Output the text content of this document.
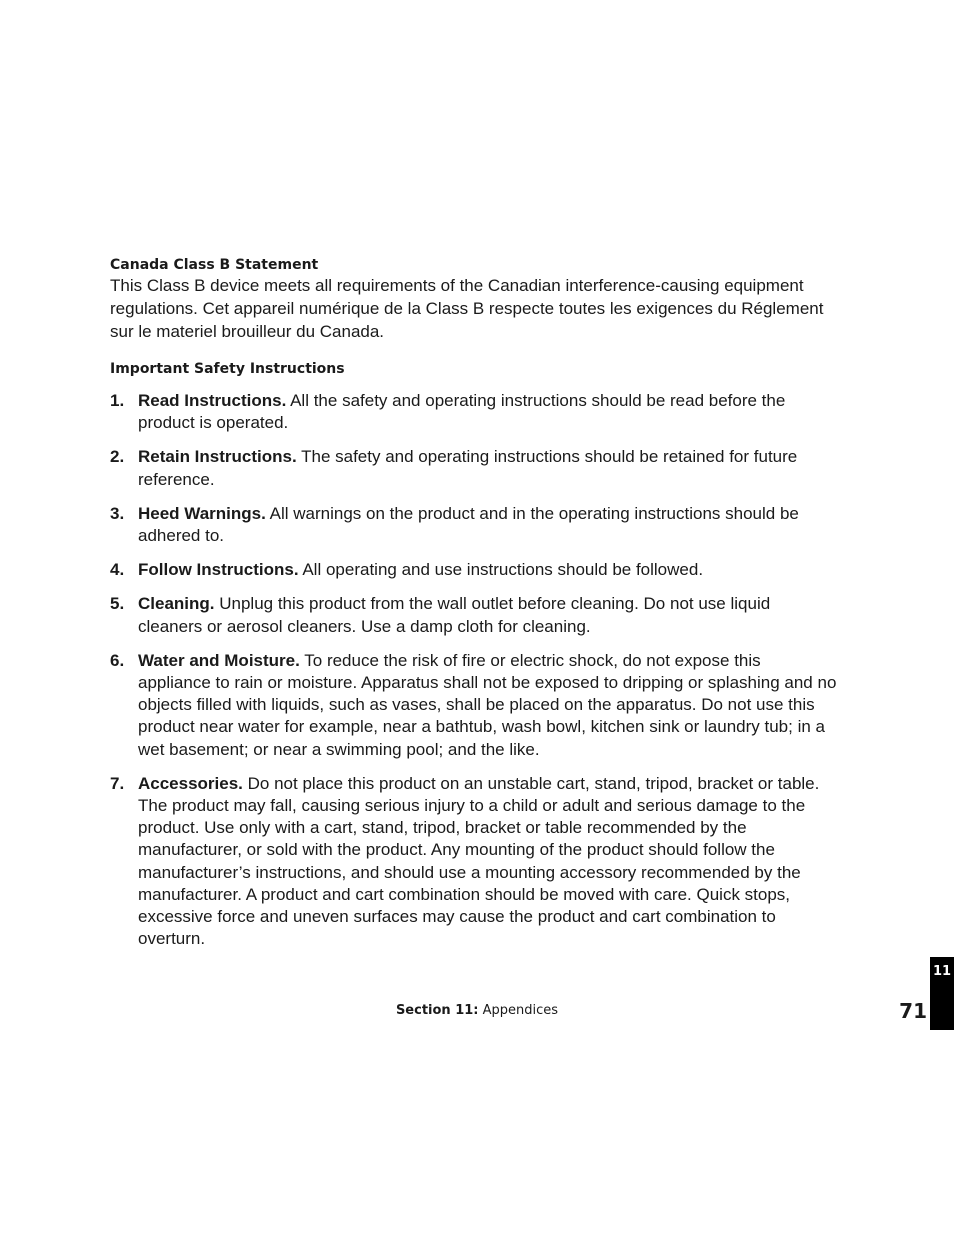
Canada Class B Statement

This Class B device meets all requirements of the Canadian interference-causing equipment regulations. Cet appareil numérique de la Class B respecte toutes les exigences du Réglement sur le materiel brouilleur du Canada.

Important Safety Instructions

1. Read Instructions. All the safety and operating instructions should be read before the product is operated.
2. Retain Instructions. The safety and operating instructions should be retained for future reference.
3. Heed Warnings. All warnings on the product and in the operating instructions should be adhered to.
4. Follow Instructions. All operating and use instructions should be followed.
5. Cleaning. Unplug this product from the wall outlet before cleaning. Do not use liquid cleaners or aerosol cleaners. Use a damp cloth for cleaning.
6. Water and Moisture. To reduce the risk of fire or electric shock, do not expose this appliance to rain or moisture. Apparatus shall not be exposed to dripping or splashing and no objects filled with liquids, such as vases, shall be placed on the apparatus. Do not use this product near water for example, near a bathtub, wash bowl, kitchen sink or laundry tub; in a wet basement; or near a swimming pool; and the like.
7. Accessories. Do not place this product on an unstable cart, stand, tripod, bracket or table. The product may fall, causing serious injury to a child or adult and serious damage to the product. Use only with a cart, stand, tripod, bracket or table recommended by the manufacturer, or sold with the product. Any mounting of the product should follow the manufacturer’s instructions, and should use a mounting accessory recommended by the manufacturer. A product and cart combination should be moved with care. Quick stops, excessive force and uneven surfaces may cause the product and cart combination to overturn.
Section 11: Appendices
11
71
